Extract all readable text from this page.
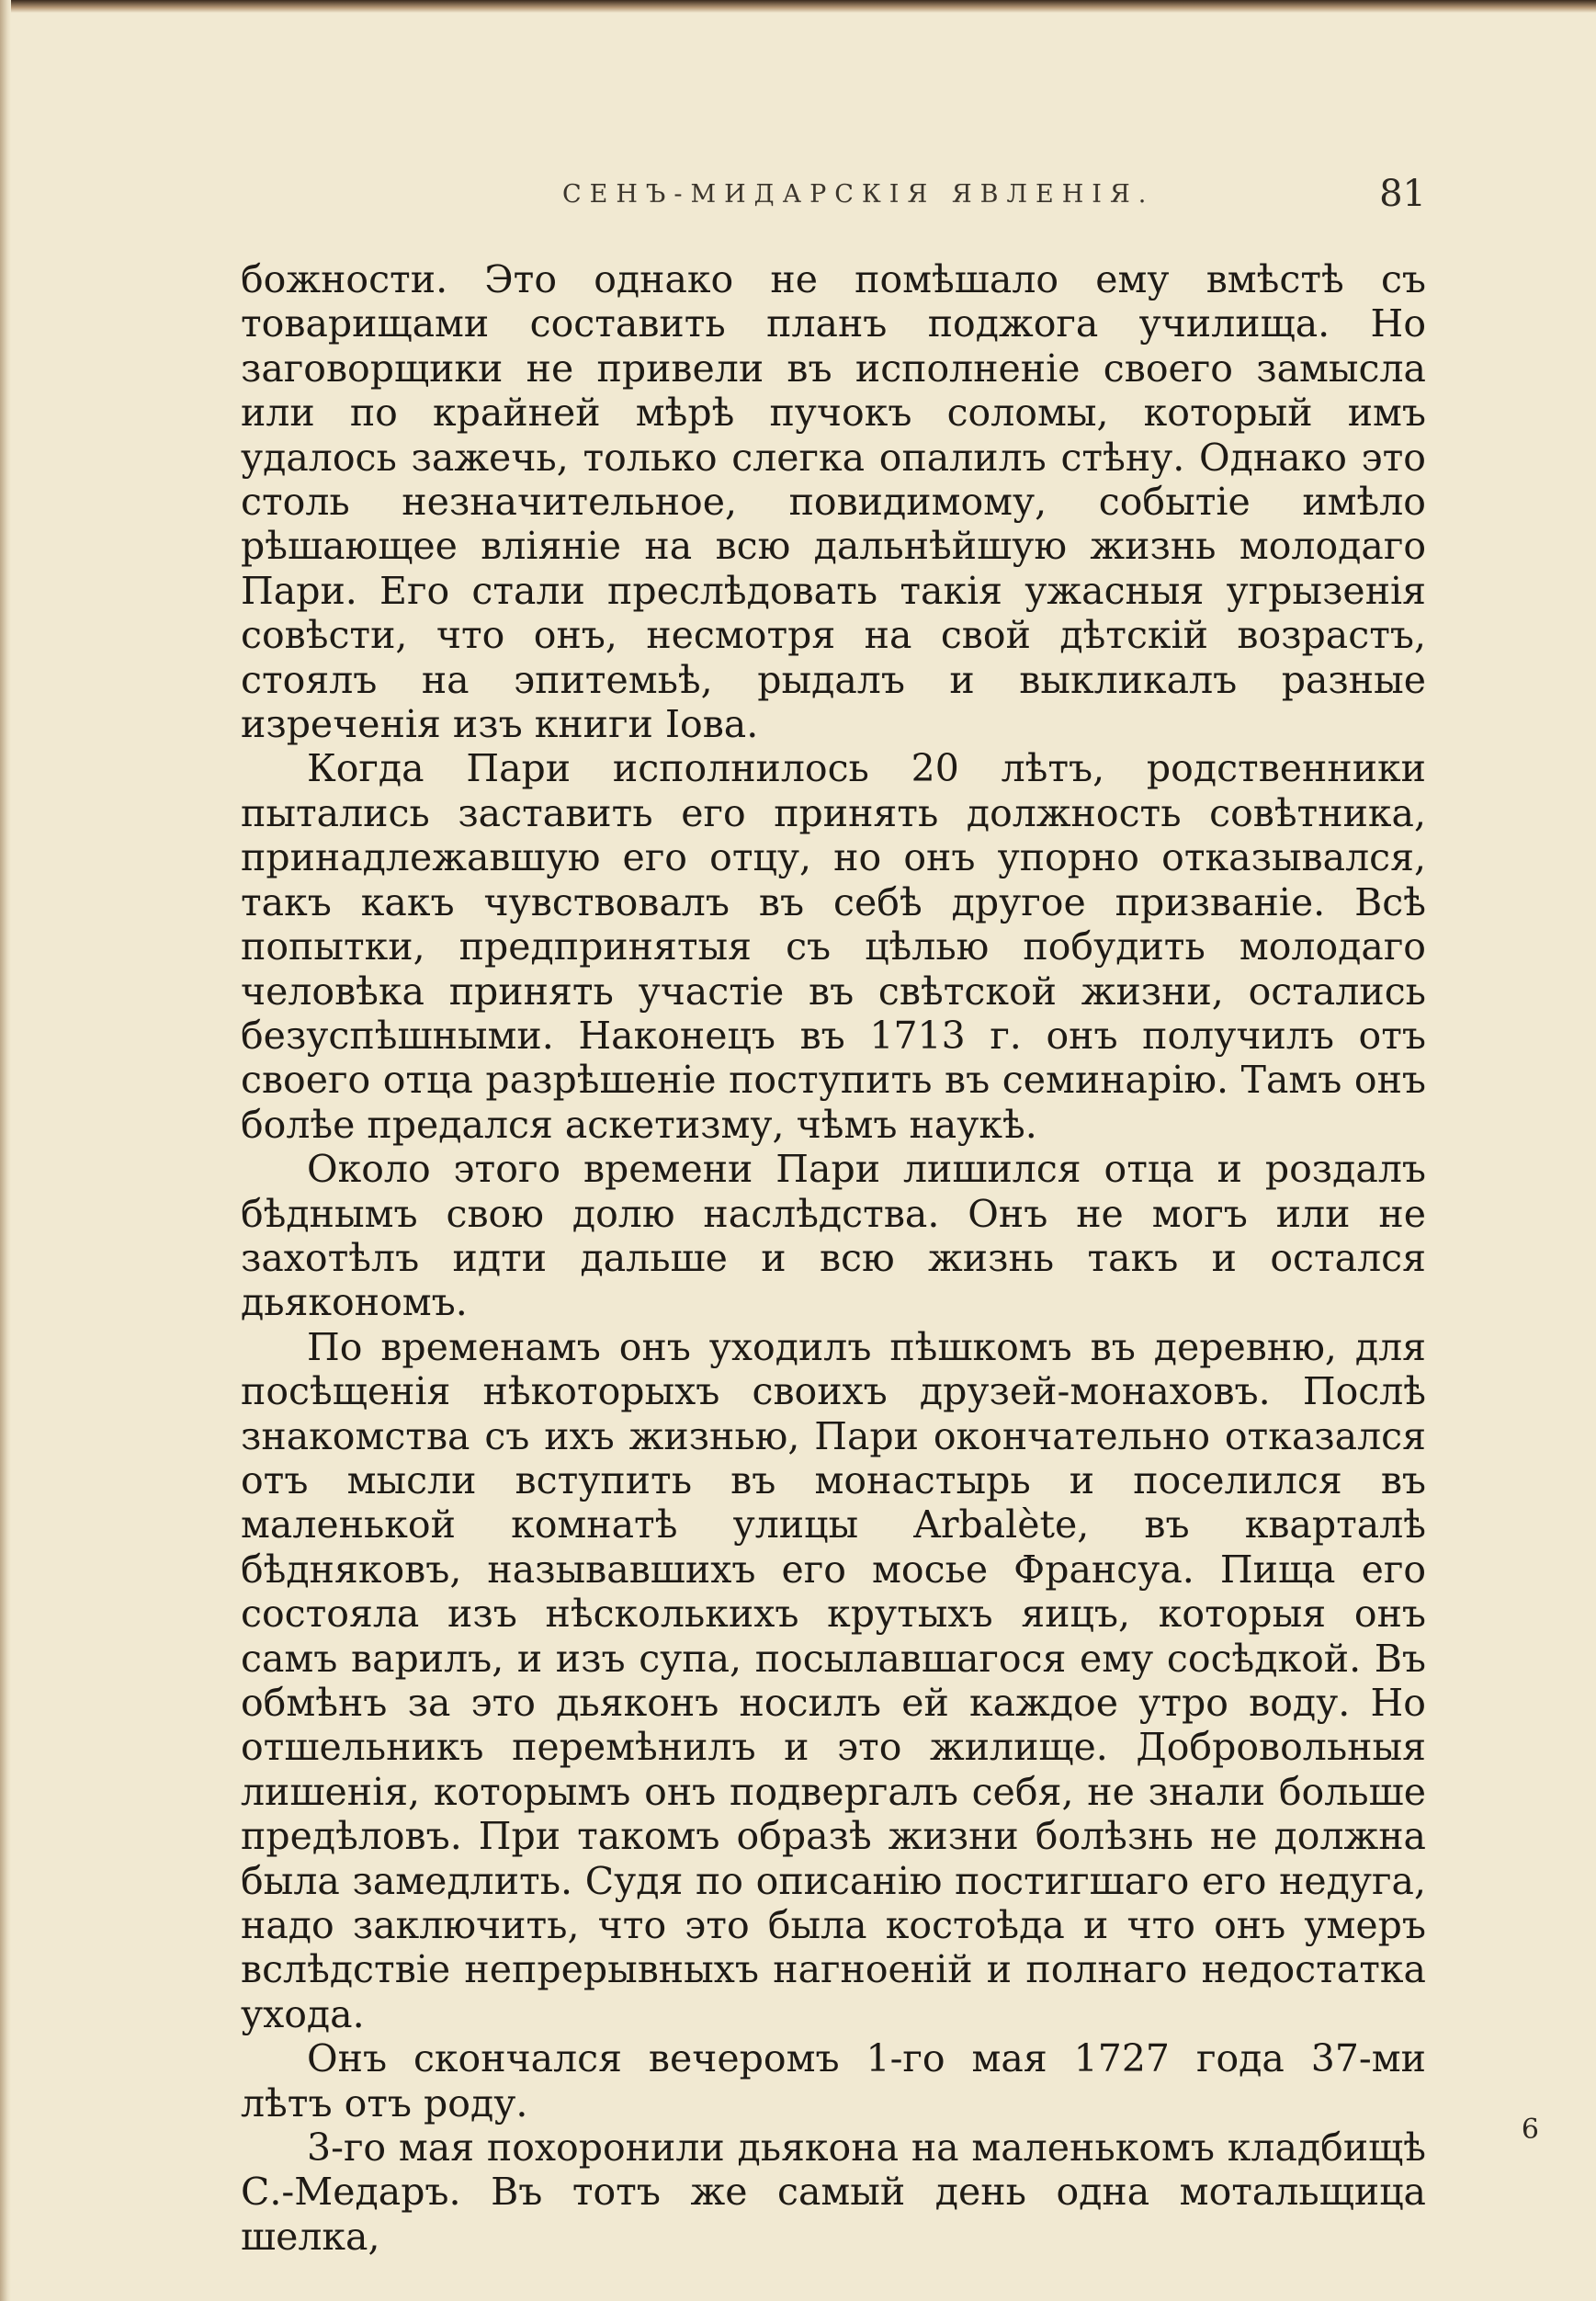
СЕНЪ-МИДАРСКІЯ ЯВЛЕНІЯ.	81

божности. Это однако не помѣшало ему вмѣстѣ съ товарищами составить планъ поджога училища. Но заговорщики не привели въ исполненіе своего замысла или по крайней мѣрѣ пучокъ соломы, который имъ удалось зажечь, только слегка опалилъ стѣну. Однако это столь незначительное, повидимому, событіе имѣло рѣшающее вліяніе на всю дальнѣйшую жизнь молодаго Пари. Его стали преслѣдовать такія ужасныя угрызенія совѣсти, что онъ, несмотря на свой дѣтскій возрастъ, стоялъ на эпитемьѣ, рыдалъ и выкликалъ разные изреченія изъ книги Іова.

Когда Пари исполнилось 20 лѣтъ, родственники пытались заставить его принять должность совѣтника, принадлежавшую его отцу, но онъ упорно отказывался, такъ какъ чувствовалъ въ себѣ другое призваніе. Всѣ попытки, предпринятыя съ цѣлью побудить молодаго человѣка принять участіе въ свѣтской жизни, остались безуспѣшными. Наконецъ въ 1713 г. онъ получилъ отъ своего отца разрѣшеніе поступить въ семинарію. Тамъ онъ болѣе предался аскетизму, чѣмъ наукѣ.

Около этого времени Пари лишился отца и роздалъ бѣднымъ свою долю наслѣдства. Онъ не могъ или не захотѣлъ идти дальше и всю жизнь такъ и остался дьякономъ.

По временамъ онъ уходилъ пѣшкомъ въ деревню, для посѣщенія нѣкоторыхъ своихъ друзей-монаховъ. Послѣ знакомства съ ихъ жизнью, Пари окончательно отказался отъ мысли вступить въ монастырь и поселился въ маленькой комнатѣ улицы Arbalète, въ кварталѣ бѣдняковъ, называвшихъ его мосье Франсуа. Пища его состояла изъ нѣсколькихъ крутыхъ яицъ, которыя онъ самъ варилъ, и изъ супа, посылавшагося ему сосѣдкой. Въ обмѣнъ за это дьяконъ носилъ ей каждое утро воду. Но отшельникъ перемѣнилъ и это жилище. Добровольныя лишенія, которымъ онъ подвергалъ себя, не знали больше предѣловъ. При такомъ образѣ жизни болѣзнь не должна была замедлить. Судя по описанію постигшаго его недуга, надо заключить, что это была костоѣда и что онъ умеръ вслѣдствіе непрерывныхъ нагноеній и полнаго недостатка ухода.

Онъ скончался вечеромъ 1-го мая 1727 года 37-ми лѣтъ отъ роду.

3-го мая похоронили дьякона на маленькомъ кладбищѣ С.-Медаръ. Въ тотъ же самый день одна мотальщица шелка,

6
